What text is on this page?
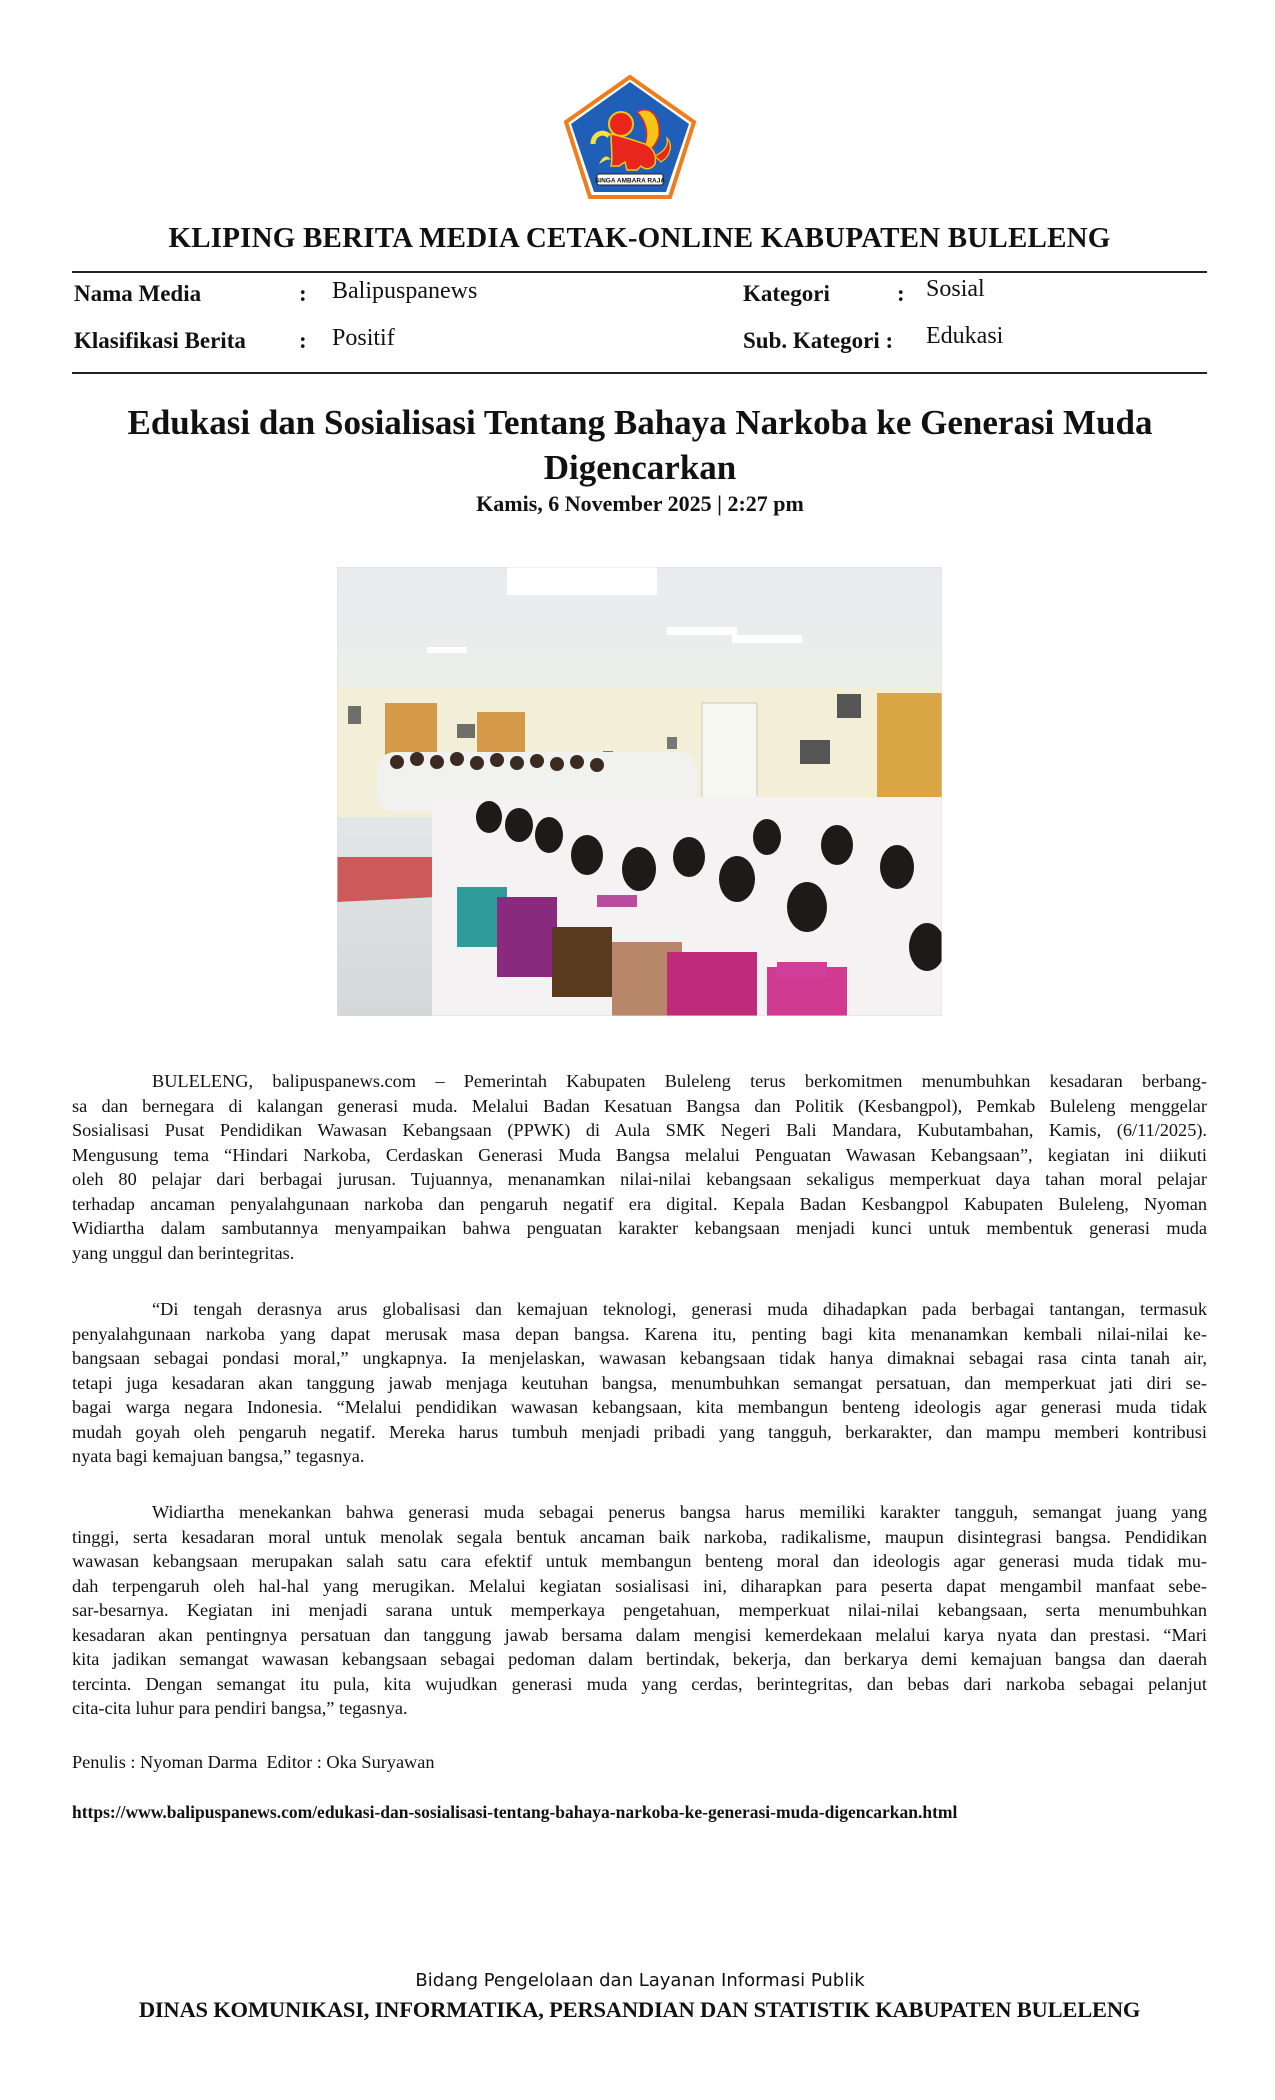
SINGA AMBARA RAJA
KLIPING BERITA MEDIA CETAK-ONLINE KABUPATEN BULELENG
Nama Media	: Balipuspanews
Klasifikasi Berita : Positif
Kategori	: Sosial
Sub. Kategori : Edukasi
Edukasi dan Sosialisasi Tentang Bahaya Narkoba ke Generasi Muda
Digencarkan
Kamis, 6 November 2025 | 2:27 pm
BULELENG, balipuspanews.com – Pemerintah Kabupaten Buleleng terus berkomitmen menumbuhkan kesadaran berbang-
sa dan bernegara di kalangan generasi muda. Melalui Badan Kesatuan Bangsa dan Politik (Kesbangpol), Pemkab Buleleng menggelar
Sosialisasi Pusat Pendidikan Wawasan Kebangsaan (PPWK) di Aula SMK Negeri Bali Mandara, Kubutambahan, Kamis, (6/11/2025).
Mengusung tema “Hindari Narkoba, Cerdaskan Generasi Muda Bangsa melalui Penguatan Wawasan Kebangsaan”, kegiatan ini diikuti
oleh 80 pelajar dari berbagai jurusan. Tujuannya, menanamkan nilai-nilai kebangsaan sekaligus memperkuat daya tahan moral pelajar
terhadap ancaman penyalahgunaan narkoba dan pengaruh negatif era digital. Kepala Badan Kesbangpol Kabupaten Buleleng, Nyoman
Widiartha dalam sambutannya menyampaikan bahwa penguatan karakter kebangsaan menjadi kunci untuk membentuk generasi muda
yang unggul dan berintegritas.
“Di tengah derasnya arus globalisasi dan kemajuan teknologi, generasi muda dihadapkan pada berbagai tantangan, termasuk
penyalahgunaan narkoba yang dapat merusak masa depan bangsa. Karena itu, penting bagi kita menanamkan kembali nilai-nilai ke-
bangsaan sebagai pondasi moral,” ungkapnya. Ia menjelaskan, wawasan kebangsaan tidak hanya dimaknai sebagai rasa cinta tanah air,
tetapi juga kesadaran akan tanggung jawab menjaga keutuhan bangsa, menumbuhkan semangat persatuan, dan memperkuat jati diri se-
bagai warga negara Indonesia. “Melalui pendidikan wawasan kebangsaan, kita membangun benteng ideologis agar generasi muda tidak
mudah goyah oleh pengaruh negatif. Mereka harus tumbuh menjadi pribadi yang tangguh, berkarakter, dan mampu memberi kontribusi
nyata bagi kemajuan bangsa,” tegasnya.
Widiartha menekankan bahwa generasi muda sebagai penerus bangsa harus memiliki karakter tangguh, semangat juang yang
tinggi, serta kesadaran moral untuk menolak segala bentuk ancaman baik narkoba, radikalisme, maupun disintegrasi bangsa. Pendidikan
wawasan kebangsaan merupakan salah satu cara efektif untuk membangun benteng moral dan ideologis agar generasi muda tidak mu-
dah terpengaruh oleh hal-hal yang merugikan. Melalui kegiatan sosialisasi ini, diharapkan para peserta dapat mengambil manfaat sebe-
sar-besarnya. Kegiatan ini menjadi sarana untuk memperkaya pengetahuan, memperkuat nilai-nilai kebangsaan, serta menumbuhkan
kesadaran akan pentingnya persatuan dan tanggung jawab bersama dalam mengisi kemerdekaan melalui karya nyata dan prestasi. “Mari
kita jadikan semangat wawasan kebangsaan sebagai pedoman dalam bertindak, bekerja, dan berkarya demi kemajuan bangsa dan daerah
tercinta. Dengan semangat itu pula, kita wujudkan generasi muda yang cerdas, berintegritas, dan bebas dari narkoba sebagai pelanjut
cita-cita luhur para pendiri bangsa,” tegasnya.
Penulis : Nyoman Darma  Editor : Oka Suryawan
https://www.balipuspanews.com/edukasi-dan-sosialisasi-tentang-bahaya-narkoba-ke-generasi-muda-digencarkan.html
Bidang Pengelolaan dan Layanan Informasi Publik
DINAS KOMUNIKASI, INFORMATIKA, PERSANDIAN DAN STATISTIK KABUPATEN BULELENG
